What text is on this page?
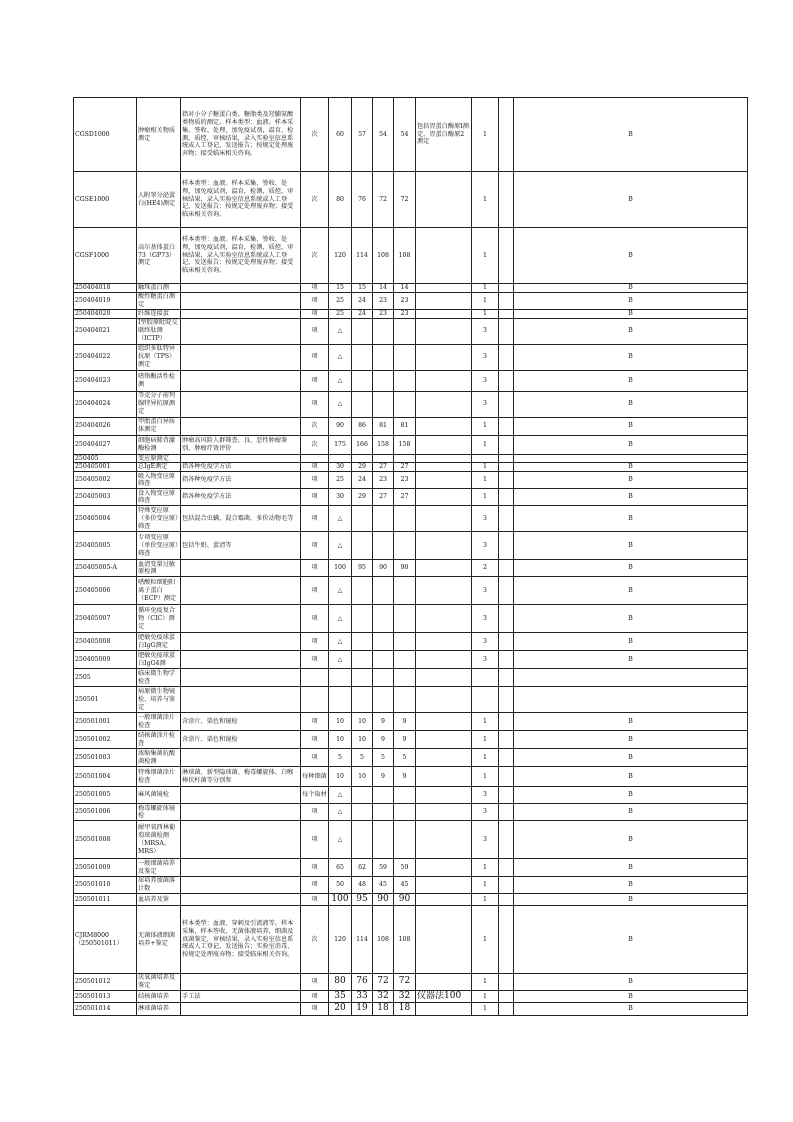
CGSD1000	肿瘤相关物质测定	指对小分子糖蛋白类、糖脂类及羟脯氨酸类物质的测定。样本类型：血液。样本采集、签收、处理，加免疫试剂，温育，检测，质控，审核结果，录入实验室信息系统或人工登记，发送报告；按规定处理废弃物；接受临床相关咨询。	次	60	57	54	54	包括胃蛋白酶原I测定、胃蛋白酶原2测定	1		B
CGSE1000	人附睾分泌蛋白(HE4)测定	样本类型：血液。样本采集、签收、处理，加免疫试剂，温育，检测，质控，审核结果，录入实验室信息系统或人工登记，发送报告；按规定处理废弃物；接受临床相关咨询。	次	80	76	72	72		1		B
CGSF1000	高尔基体蛋白 73（GP73）测定	样本类型：血液。样本采集、签收、处理，加免疫试剂，温育，检测，质控，审核结果，录入实验室信息系统或人工登记，发送报告；按规定处理废弃物；接受临床相关咨询。	次	120	114	108	108		1		B
250404018	触珠蛋白测		项	15	15	14	14		1		B
250404019	酸性糖蛋白测定		项	25	24	23	23		1		B
250404020	纤维连接蛋		项	25	24	23	23		1		B
250404021	I型胶原吡啶交联终肽测（ICTP）		项	△					3		B
250404022	组织多肽特异抗原（TPS）测定		项	△					3		B
250404023	嗜铬酶活性检测		项	△					3		B
250404024	等克分子前列腺特异抗原测定		项	△					3		B
250404026	甲胎蛋白异质体测定		次	90	86	81	81		1		B
250404027	细胞病肺背激酶检测	肿瘤高风险人群筛查、良、恶性肿瘤鉴别、肿瘤疗效评价	次	175	166	158	158		1		B
250405	变应原测定										
250405001	总IgE测定	指各种免疫学方法	项	30	29	27	27		1		B
250405002	吸入物变应原筛查	指各种免疫学方法	项	25	24	23	23		1		B
250405003	食入物变应原筛查	指各种免疫学方法	项	30	29	27	27		1		B
250405004	特殊变应原（多价变应原）筛查	包括混合虫螨、混合霉菌、多价动物毛等	项	△					3		B
250405005	专项变应原（单价变应原）筛查	包括牛奶、蛋清等	项	△					3		B
250405005-A	血清变量过敏原检测		项	100	95	90	90		2		B
250405006	嗜酸粒细胞阳离子蛋白（ECP）测定		项	△					3		B
250405007	循环免疫复合物（CIC）测定		项	△					3		B
250405008	肥敏免疫球蛋白IgG测定		项	△					3		B
250405009	肥敏免疫球蛋白IgG4测		项	△					3		B
2505	临床微生物学检查										
250501	病原微生物镜检、培养与鉴定										
250501001	一般细菌涂片检查	含涂片、染色和镜检	项	10	10	9	9		1		B
250501002	结核菌涂片检查	含涂片、染色和镜检	项	10	10	9	9		1		B
250501003	浓缩集菌抗酸菌检测		项	5	5	5	5		1		B
250501004	特殊细菌涂片检查	淋球菌、新型隐球菌、梅毒螺旋体、白喉棒状杆菌等分别参	每种细菌	10	10	9	9		1		B
250501005	麻风菌镜检		每个取材	△					3		B
250501006	梅毒螺旋体镜检		项	△					3		B
250501008	耐甲氧西林葡萄球菌检测（MRSA、MRS）		项	△					3		B
250501009	一般细菌培养及鉴定		项	65	62	59	59		1		B
250501010	尿培养加菌落计数		项	50	48	45	45		1		B
250501011	血培养及鉴		项	100	95	90	90		1		B
CJRM8000（250501011）	无菌体液细菌培养+鉴定	样本类型：血液、穿刺及引流液等。样本采集，样本签收，无菌体液培养，细菌及真菌鉴定，审核结果，录入实验室信息系统或人工登记，发送报告；实验室消毒，按规定处理废弃物；接受临床相关咨询。	次	120	114	108	108		1		B
250501012	厌氧菌培养及鉴定		项	80	76	72	72		1		B
250501013	结核菌培养	手工法	项	35	33	32	32	仪器法100	1		B
250501014	淋球菌培养		项	20	19	18	18		1		B
